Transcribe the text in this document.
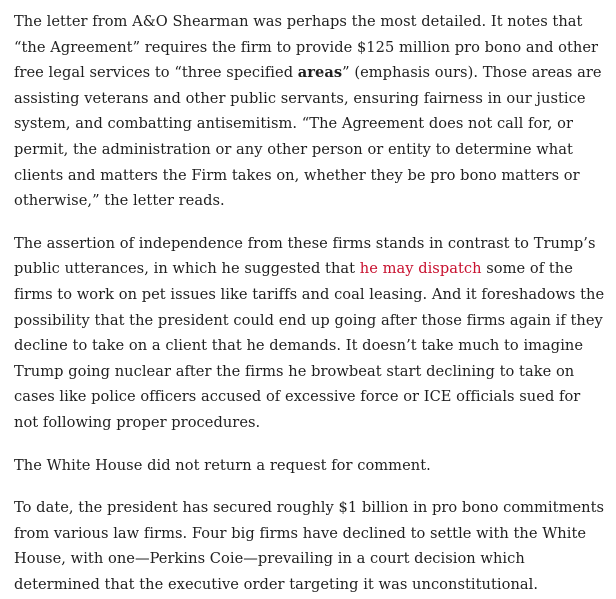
The letter from A&O Shearman was perhaps the most detailed. It notes that “the Agreement” requires the firm to provide $125 million pro bono and other free legal services to “three specified areas” (emphasis ours). Those areas are assisting veterans and other public servants, ensuring fairness in our justice system, and combatting antisemitism. “The Agreement does not call for, or permit, the administration or any other person or entity to determine what clients and matters the Firm takes on, whether they be pro bono matters or otherwise,” the letter reads.

The assertion of independence from these firms stands in contrast to Trump’s public utterances, in which he suggested that he may dispatch some of the firms to work on pet issues like tariffs and coal leasing. And it foreshadows the possibility that the president could end up going after those firms again if they decline to take on a client that he demands. It doesn’t take much to imagine Trump going nuclear after the firms he browbeat start declining to take on cases like police officers accused of excessive force or ICE officials sued for not following proper procedures.

The White House did not return a request for comment.

To date, the president has secured roughly $1 billion in pro bono commitments from various law firms. Four big firms have declined to settle with the White House, with one—Perkins Coie—prevailing in a court decision which determined that the executive order targeting it was unconstitutional.
